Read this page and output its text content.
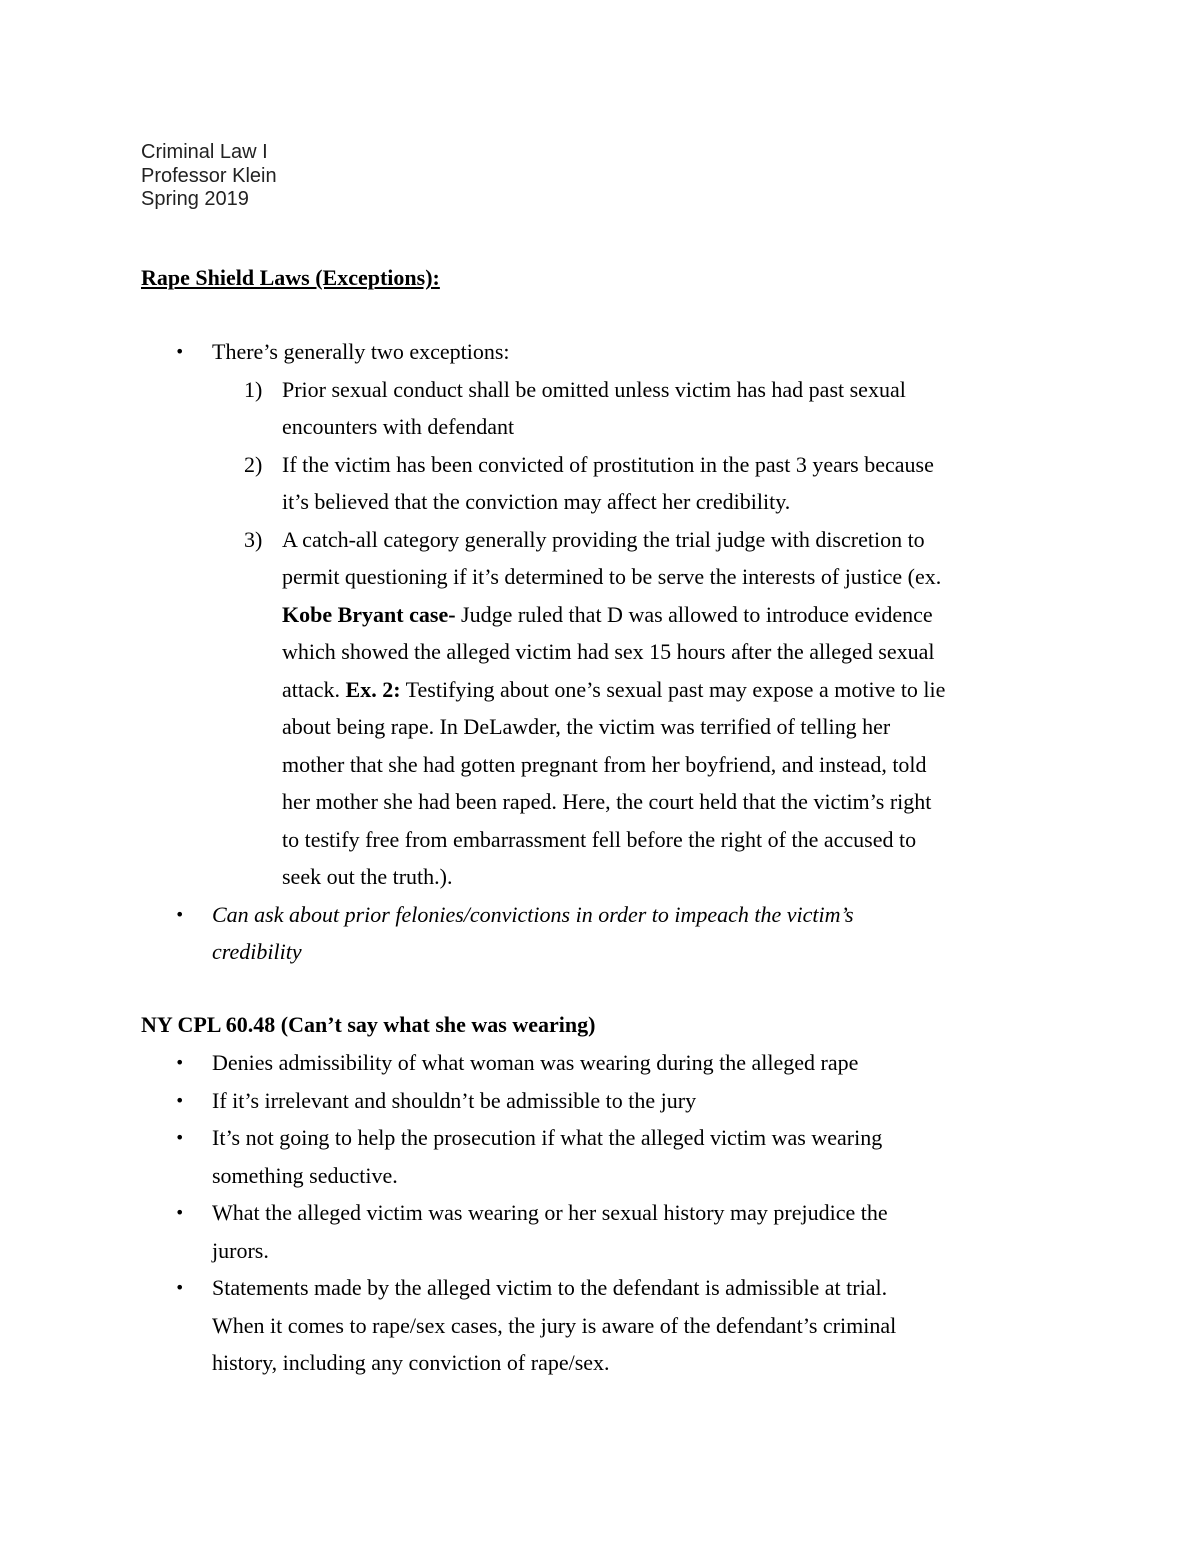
Criminal Law I
Professor Klein
Spring 2019
Rape Shield Laws (Exceptions):
• There’s generally two exceptions:
1) Prior sexual conduct shall be omitted unless victim has had past sexual
encounters with defendant
2) If the victim has been convicted of prostitution in the past 3 years because
it’s believed that the conviction may affect her credibility.
3) A catch-all category generally providing the trial judge with discretion to
permit questioning if it’s determined to be serve the interests of justice (ex.
Kobe Bryant case- Judge ruled that D was allowed to introduce evidence
which showed the alleged victim had sex 15 hours after the alleged sexual
attack. Ex. 2: Testifying about one’s sexual past may expose a motive to lie
about being rape. In DeLawder, the victim was terrified of telling her
mother that she had gotten pregnant from her boyfriend, and instead, told
her mother she had been raped. Here, the court held that the victim’s right
to testify free from embarrassment fell before the right of the accused to
seek out the truth.).
• Can ask about prior felonies/convictions in order to impeach the victim’s
credibility
NY CPL 60.48 (Can’t say what she was wearing)
• Denies admissibility of what woman was wearing during the alleged rape
• If it’s irrelevant and shouldn’t be admissible to the jury
• It’s not going to help the prosecution if what the alleged victim was wearing
something seductive.
• What the alleged victim was wearing or her sexual history may prejudice the
jurors.
• Statements made by the alleged victim to the defendant is admissible at trial.
When it comes to rape/sex cases, the jury is aware of the defendant’s criminal
history, including any conviction of rape/sex.
